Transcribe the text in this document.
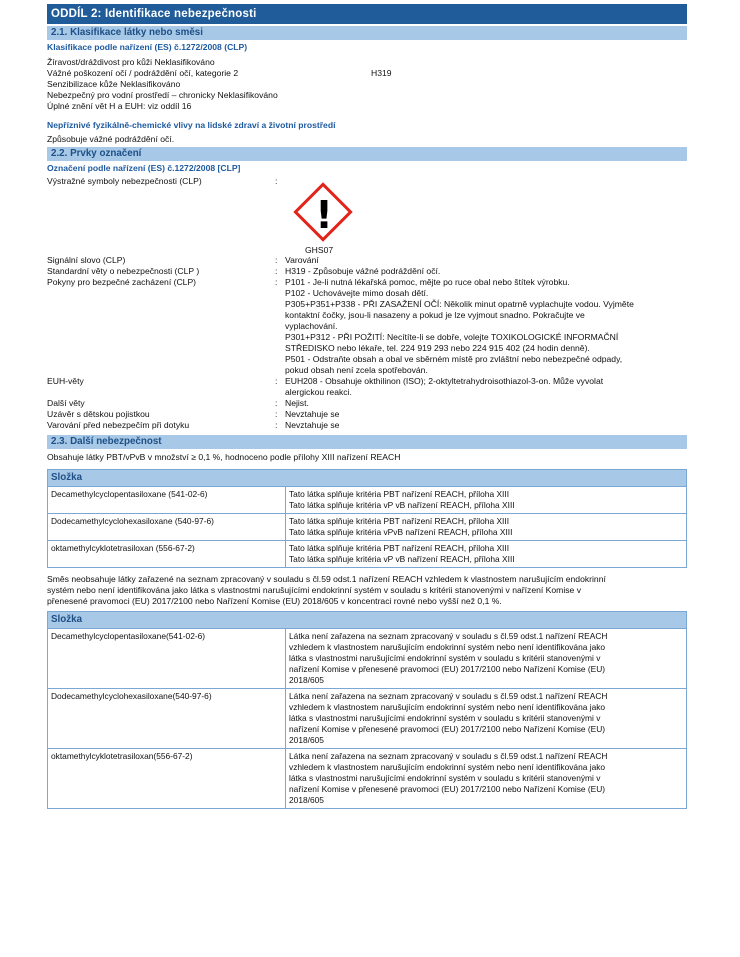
ODDÍL 2: Identifikace nebezpečnosti
2.1. Klasifikace látky nebo směsi
Klasifikace podle nařízení (ES) č.1272/2008 (CLP)
Žíravost/dráždivost pro kůži Neklasifikováno
Vážné poškození očí / podráždění očí, kategorie 2	H319
Senzibilizace kůže Neklasifikováno
Nebezpečný pro vodní prostředí – chronicky Neklasifikováno
Úplné znění vět H a EUH: viz oddíl 16
Nepříznivé fyzikálně-chemické vlivy na lidské zdraví a životní prostředí
Způsobuje vážné podráždění očí.
2.2. Prvky označení
Označení podle nařízení (ES) č.1272/2008 [CLP]
Výstražné symboly nebezpečnosti (CLP)	:
!
GHS07
Signální slovo (CLP)	: Varování
Standardní věty o nebezpečnosti (CLP )	: H319 - Způsobuje vážné podráždění očí.
Pokyny pro bezpečné zacházení (CLP)	: P101 - Je-li nutná lékařská pomoc, mějte po ruce obal nebo štítek výrobku.
P102 - Uchovávejte mimo dosah dětí.
P305+P351+P338 - PŘI ZASAŽENÍ OČÍ: Několik minut opatrně vyplachujte vodou. Vyjměte
kontaktní čočky, jsou-li nasazeny a pokud je lze vyjmout snadno. Pokračujte ve
vyplachování.
P301+P312 - PŘI POŽITÍ: Necítíte-li se dobře, volejte TOXIKOLOGICKÉ INFORMAČNÍ
STŘEDISKO nebo lékaře, tel. 224 919 293 nebo 224 915 402 (24 hodin denně).
P501 - Odstraňte obsah a obal ve sběrném místě pro zvláštní nebo nebezpečné odpady,
pokud obsah není zcela spotřebován.
EUH-věty	: EUH208 - Obsahuje okthilinon (ISO); 2-oktyltetrahydroisothiazol-3-on. Může vyvolat
alergickou reakci.
Další věty	: Nejist.
Uzávěr s dětskou pojistkou	: Nevztahuje se
Varování před nebezpečím při dotyku	: Nevztahuje se
2.3. Další nebezpečnost
Obsahuje látky PBT/vPvB v množství ≥ 0,1 %, hodnoceno podle přílohy XIII nařízení REACH
Složka	
Decamethylcyclopentasiloxane (541-02-6)	Tato látka splňuje kritéria PBT nařízení REACH, příloha XIII
Tato látka splňuje kritéria vP vB nařízení REACH, příloha XIII

Dodecamethylcyclohexasiloxane (540-97-6)	Tato látka splňuje kritéria PBT nařízení REACH, příloha XIII
Tato látka splňuje kritéria vPvB nařízení REACH, příloha XIII

oktamethylcyklotetrasiloxan (556-67-2)	Tato látka splňuje kritéria PBT nařízení REACH, příloha XIII
Tato látka splňuje kritéria vP vB nařízení REACH, příloha XIII
Směs neobsahuje látky zařazené na seznam zpracovaný v souladu s čl.59 odst.1 nařízení REACH vzhledem k vlastnostem narušujícím endokrinní
systém nebo není identifikována jako látka s vlastnostmi narušujícími endokrinní systém v souladu s kritérii stanovenými v nařízení Komise v
přenesené pravomoci (EU) 2017/2100 nebo Nařízení Komise (EU) 2018/605 v koncentraci rovné nebo vyšší než 0,1 %.
Složka	
Decamethylcyclopentasiloxane(541-02-6)	Látka není zařazena na seznam zpracovaný v souladu s čl.59 odst.1 nařízení REACH
vzhledem k vlastnostem narušujícím endokrinní systém nebo není identifikována jako
látka s vlastnostmi narušujícími endokrinní systém v souladu s kritérii stanovenými v
nařízení Komise v přenesené pravomoci (EU) 2017/2100 nebo Nařízení Komise (EU)
2018/605

Dodecamethylcyclohexasiloxane(540-97-6)	Látka není zařazena na seznam zpracovaný v souladu s čl.59 odst.1 nařízení REACH
vzhledem k vlastnostem narušujícím endokrinní systém nebo není identifikována jako
látka s vlastnostmi narušujícími endokrinní systém v souladu s kritérii stanovenými v
nařízení Komise v přenesené pravomoci (EU) 2017/2100 nebo Nařízení Komise (EU)
2018/605

oktamethylcyklotetrasiloxan(556-67-2)	Látka není zařazena na seznam zpracovaný v souladu s čl.59 odst.1 nařízení REACH
vzhledem k vlastnostem narušujícím endokrinní systém nebo není identifikována jako
látka s vlastnostmi narušujícími endokrinní systém v souladu s kritérii stanovenými v
nařízení Komise v přenesené pravomoci (EU) 2017/2100 nebo Nařízení Komise (EU)
2018/605
